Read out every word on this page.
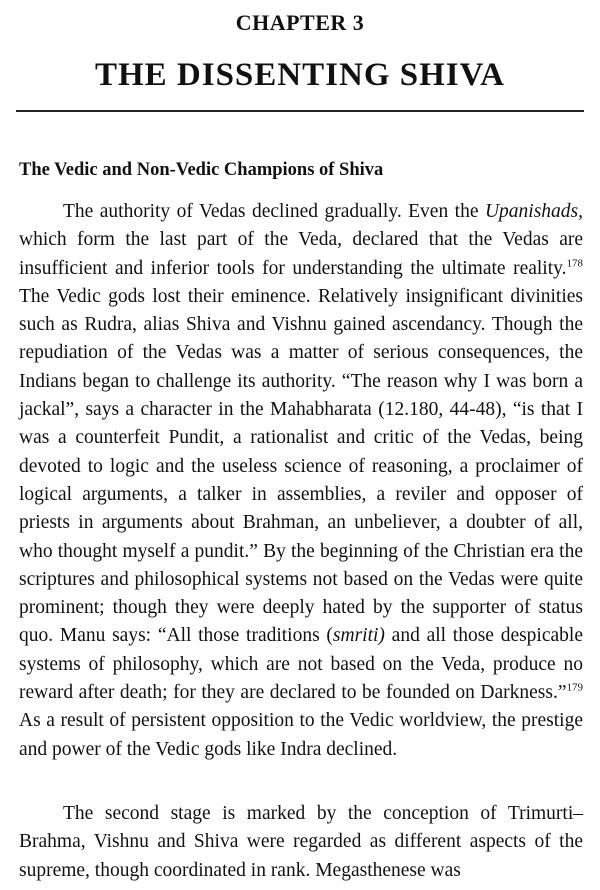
CHAPTER 3
THE DISSENTING SHIVA
The Vedic and Non-Vedic Champions of Shiva

The authority of Vedas declined gradually. Even the Upanishads, which form the last part of the Veda, declared that the Vedas are insufficient and inferior tools for understanding the ultimate reality.$^{178}$ The Vedic gods lost their eminence. Relatively insignificant divinities such as Rudra, alias Shiva and Vishnu gained ascendancy. Though the repudiation of the Vedas was a matter of serious consequences, the Indians began to challenge its authority. “The reason why I was born a jackal”, says a character in the Mahabharata (12.180, 44-48), “is that I was a counterfeit Pundit, a rationalist and critic of the Vedas, being devoted to logic and the useless science of reasoning, a proclaimer of logical arguments, a talker in assemblies, a reviler and opposer of priests in arguments about Brahman, an unbeliever, a doubter of all, who thought myself a pundit.” By the beginning of the Christian era the scriptures and philosophical systems not based on the Vedas were quite prominent; though they were deeply hated by the supporter of status quo. Manu says: “All those traditions (smriti) and all those despicable systems of philosophy, which are not based on the Veda, produce no reward after death; for they are declared to be founded on Darkness.”$^{179}$ As a result of persistent opposition to the Vedic worldview, the prestige and power of the Vedic gods like Indra declined.

The second stage is marked by the conception of Trimurti–Brahma, Vishnu and Shiva were regarded as different aspects of the supreme, though coordinated in rank. Megasthenese was
